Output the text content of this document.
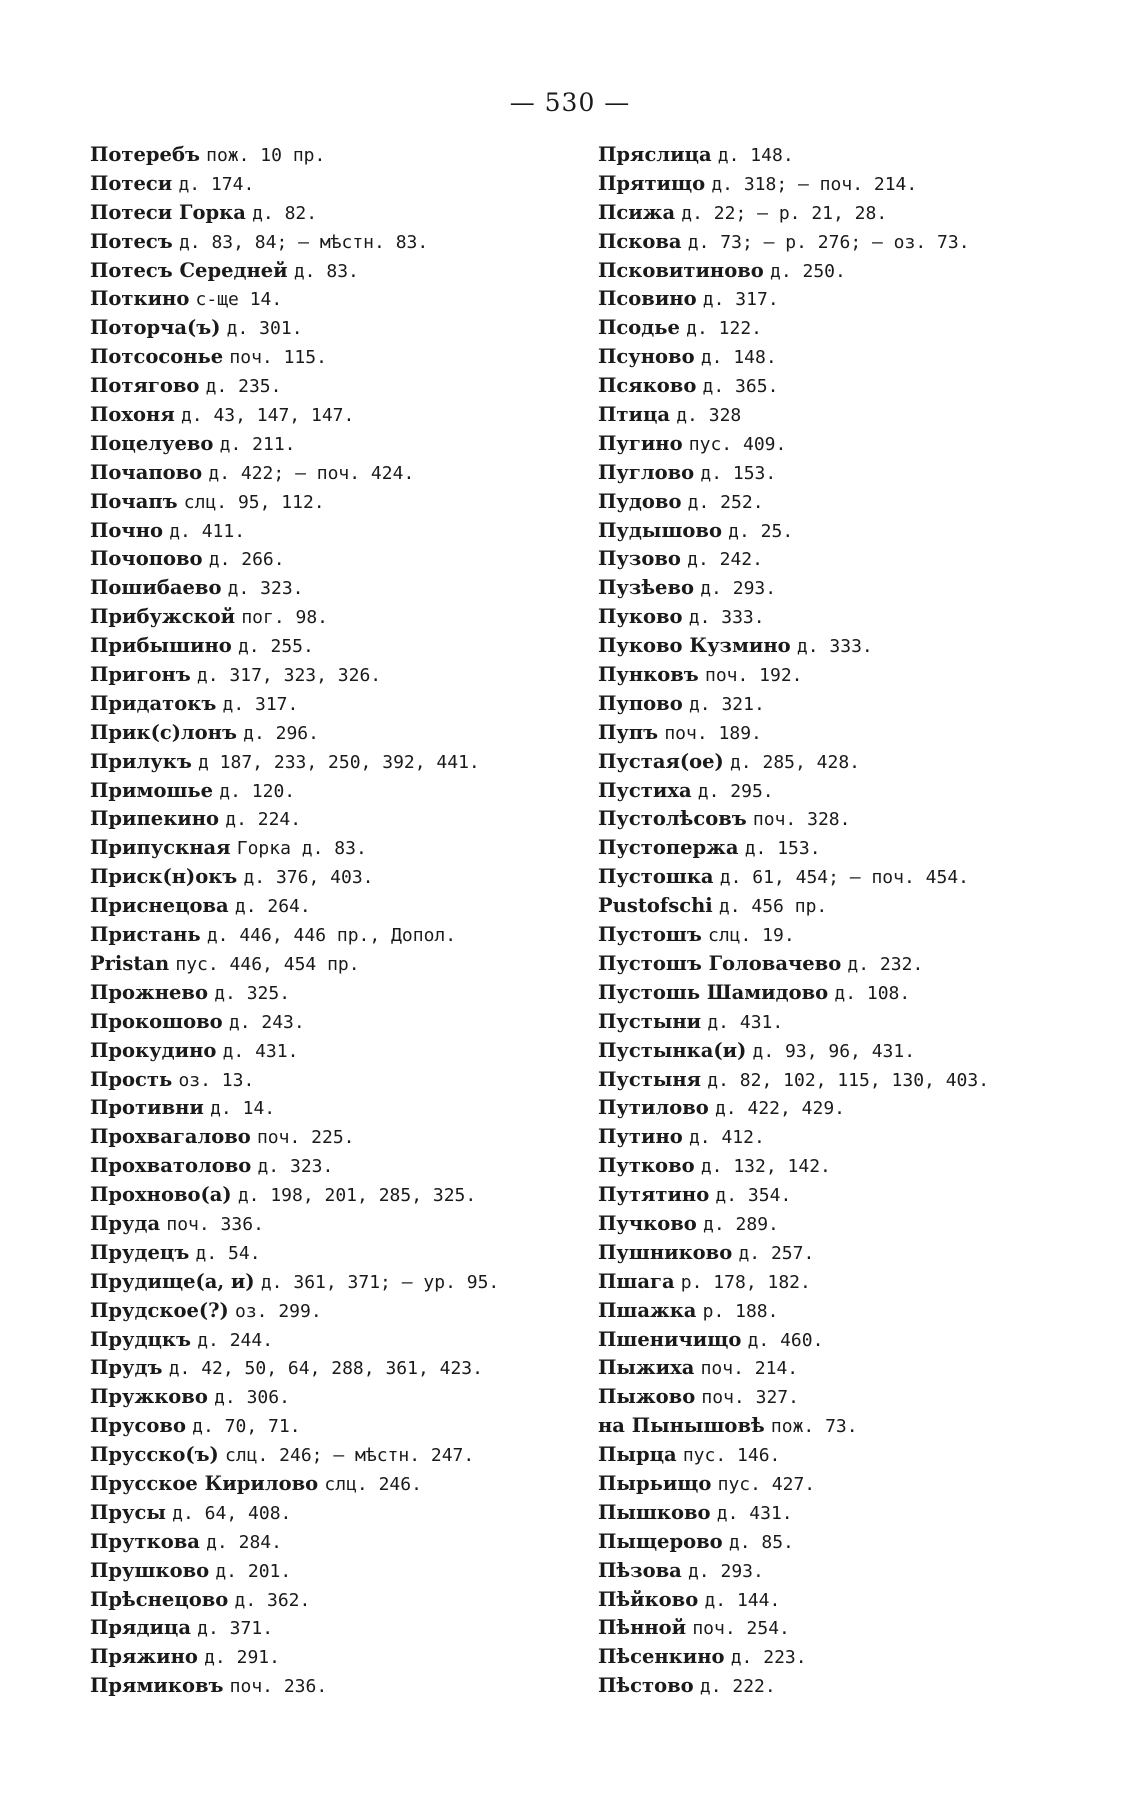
— 530 —
Потеребъ пож. 10 пр.
Потеси д. 174.
Потеси Горка д. 82.
Потесъ д. 83, 84; — мѣстн. 83.
Потесъ Середней д. 83.
Поткино с-ще 14.
Поторча(ъ) д. 301.
Потсосонье поч. 115.
Потягово д. 235.
Похоня д. 43, 147, 147.
Поцелуево д. 211.
Почапово д. 422; — поч. 424.
Почапъ слц. 95, 112.
Почно д. 411.
Почопово д. 266.
Пошибаево д. 323.
Прибужской пог. 98.
Прибышино д. 255.
Пригонъ д. 317, 323, 326.
Придатокъ д. 317.
Прик(с)лонъ д. 296.
Прилукъ д 187, 233, 250, 392, 441.
Примошье д. 120.
Припекино д. 224.
Припускная Горка д. 83.
Приск(н)окъ д. 376, 403.
Приснецова д. 264.
Пристань д. 446, 446 пр., Допол.
Pristan пус. 446, 454 пр.
Прожнево д. 325.
Прокошово д. 243.
Прокудино д. 431.
Прость оз. 13.
Противни д. 14.
Прохвагалово поч. 225.
Прохватолово д. 323.
Прохново(а) д. 198, 201, 285, 325.
Пруда поч. 336.
Прудецъ д. 54.
Прудище(а, и) д. 361, 371; — ур. 95.
Прудское(?) оз. 299.
Прудцкъ д. 244.
Прудъ д. 42, 50, 64, 288, 361, 423.
Пружково д. 306.
Прусово д. 70, 71.
Прусско(ъ) слц. 246; — мѣстн. 247.
Прусское Кирилово слц. 246.
Прусы д. 64, 408.
Пруткова д. 284.
Прушково д. 201.
Прѣснецово д. 362.
Прядица д. 371.
Пряжино д. 291.
Прямиковъ поч. 236.
Пряслица д. 148.
Прятищо д. 318; — поч. 214.
Псижа д. 22; — р. 21, 28.
Пскова д. 73; — р. 276; — оз. 73.
Псковитиново д. 250.
Псовино д. 317.
Псодье д. 122.
Псуново д. 148.
Псяково д. 365.
Птица д. 328
Пугино пус. 409.
Пуглово д. 153.
Пудово д. 252.
Пудышово д. 25.
Пузово д. 242.
Пузѣево д. 293.
Пуково д. 333.
Пуково Кузмино д. 333.
Пунковъ поч. 192.
Пупово д. 321.
Пупъ поч. 189.
Пустая(ое) д. 285, 428.
Пустиха д. 295.
Пустолѣсовъ поч. 328.
Пустоперж‌а д. 153.
Пустошка д. 61, 454; — поч. 454.
Pustofschi д. 456 пр.
Пустошъ слц. 19.
Пустошъ Головачево д. 232.
Пустошь Шамидово д. 108.
Пустыни д. 431.
Пустынка(и) д. 93, 96, 431.
Пустыня д. 82, 102, 115, 130, 403.
Путилово д. 422, 429.
Путино д. 412.
Путково д. 132, 142.
Путятино д. 354.
Пучково д. 289.
Пушниково д. 257.
Пшага р. 178, 182.
Пшажка р. 188.
Пшеничищо д. 460.
Пыжиха поч. 214.
Пыжово поч. 327.
на Пынышовѣ пож. 73.
Пырца пус. 146.
Пырьищо пус. 427.
Пышково д. 431.
Пыщерово д. 85.
Пѣзова д. 293.
Пѣйково д. 144.
Пѣнной поч. 254.
Пѣсенкино д. 223.
Пѣстово д. 222.
